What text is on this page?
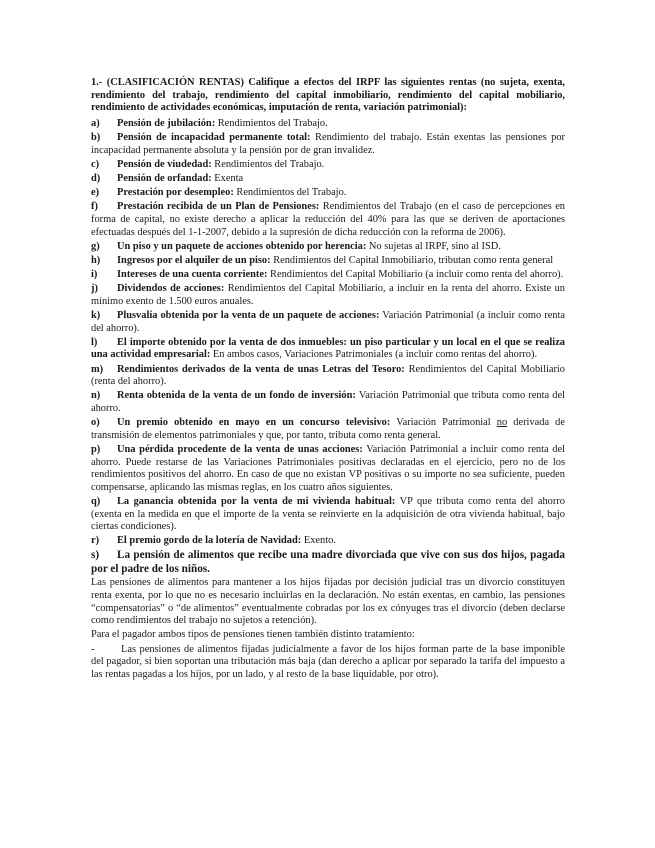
1.- (CLASIFICACIÓN RENTAS) Califique a efectos del IRPF las siguientes rentas (no sujeta, exenta, rendimiento del trabajo, rendimiento del capital inmobiliario, rendimiento del capital mobiliario, rendimiento de actividades económicas, imputación de renta, variación patrimonial):

a) Pensión de jubilación: Rendimientos del Trabajo.

b) Pensión de incapacidad permanente total: Rendimiento del trabajo. Están exentas las pensiones por incapacidad permanente absoluta y la pensión por de gran invalidez.

c) Pensión de viudedad: Rendimientos del Trabajo.

d) Pensión de orfandad: Exenta

e) Prestación por desempleo: Rendimientos del Trabajo.

f) Prestación recibida de un Plan de Pensiones: Rendimientos del Trabajo (en el caso de percepciones en forma de capital, no existe derecho a aplicar la reducción del 40% para las que se deriven de aportaciones efectuadas después del 1-1-2007, debido a la supresión de dicha reducción con la reforma de 2006).

g) Un piso y un paquete de acciones obtenido por herencia: No sujetas al IRPF, sino al ISD.

h) Ingresos por el alquiler de un piso: Rendimientos del Capital Inmobiliario, tributan como renta general

i) Intereses de una cuenta corriente: Rendimientos del Capital Mobiliario (a incluir como renta del ahorro).

j) Dividendos de acciones: Rendimientos del Capital Mobiliario, a incluir en la renta del ahorro. Existe un mínimo exento de 1.500 euros anuales.

k) Plusvalía obtenida por la venta de un paquete de acciones: Variación Patrimonial (a incluir como renta del ahorro).

l) El importe obtenido por la venta de dos inmuebles: un piso particular y un local en el que se realiza una actividad empresarial: En ambos casos, Variaciones Patrimoniales (a incluir como rentas del ahorro).

m) Rendimientos derivados de la venta de unas Letras del Tesoro: Rendimientos del Capital Mobiliario (renta del ahorro).

n) Renta obtenida de la venta de un fondo de inversión: Variación Patrimonial que tributa como renta del ahorro.

o) Un premio obtenido en mayo en un concurso televisivo: Variación Patrimonial no derivada de transmisión de elementos patrimoniales y que, por tanto, tributa como renta general.

p) Una pérdida procedente de la venta de unas acciones: Variación Patrimonial a incluir como renta del ahorro. Puede restarse de las Variaciones Patrimoniales positivas declaradas en el ejercicio, pero no de los rendimientos positivos del ahorro. En caso de que no existan VP positivas o su importe no sea suficiente, pueden compensarse, aplicando las mismas reglas, en los cuatro años siguientes.

q) La ganancia obtenida por la venta de mi vivienda habitual: VP que tributa como renta del ahorro (exenta en la medida en que el importe de la venta se reinvierte en la adquisición de otra vivienda habitual, bajo ciertas condiciones).

r) El premio gordo de la lotería de Navidad: Exento.

s) La pensión de alimentos que recibe una madre divorciada que vive con sus dos hijos, pagada por el padre de los niños.

Las pensiones de alimentos para mantener a los hijos fijadas por decisión judicial tras un divorcio constituyen renta exenta, por lo que no es necesario incluirlas en la declaración. No están exentas, en cambio, las pensiones “compensatorias” o “de alimentos” eventualmente cobradas por los ex cónyuges tras el divorcio (deben declarse como rendimientos del trabajo no sujetos a retención).

Para el pagador ambos tipos de pensiones tienen también distinto tratamiento:

-	Las pensiones de alimentos fijadas judicialmente a favor de los hijos forman parte de la base imponible del pagador, si bien soportan una tributación más baja (dan derecho a aplicar por separado la tarifa del impuesto a las rentas pagadas a los hijos, por un lado, y al resto de la base liquidable, por otro).
